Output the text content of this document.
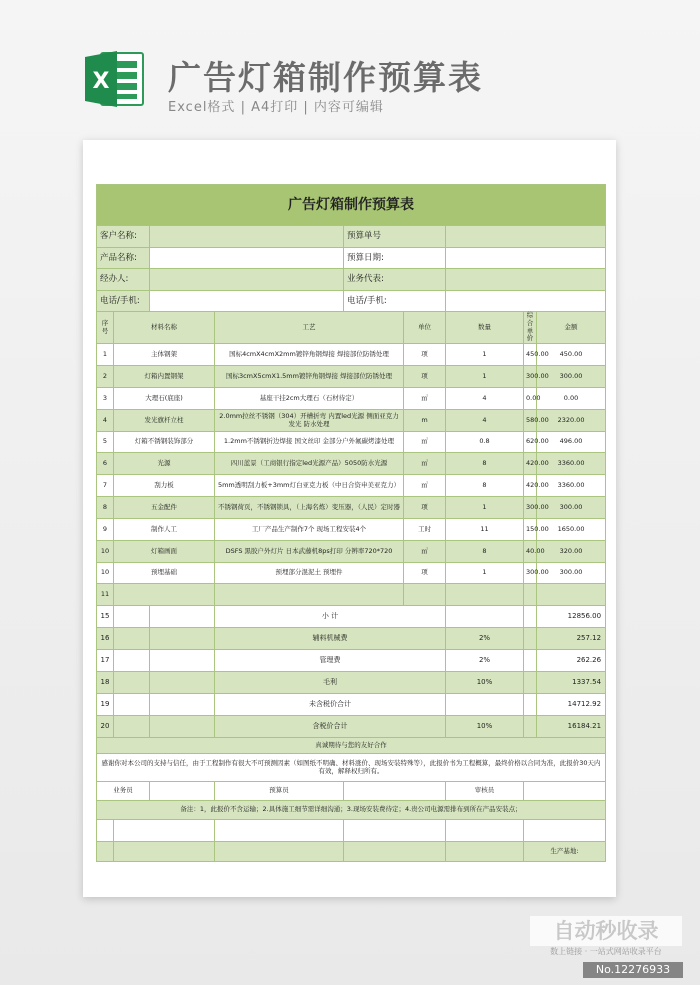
X 广告灯箱制作预算表
Excel格式 | A4打印 | 内容可编辑
广告灯箱制作预算表								
客户名称:				预算单号				
产品名称:				预算日期:				
经办人:				业务代表:				
电话/手机:				电话/手机:				
序号	材料名称		工艺		单位	数量	综合单价	金额
1	主体钢架		国标4cmX4cmX2mm镀锌角钢焊接 焊接部位防锈处理		项	1	450.00	450.00
2	灯箱内置钢架		国标3cmX5cmX1.5mm镀锌角钢焊接 焊接部位防锈处理		项	1	300.00	300.00
3	大理石(底座)		基座干挂2cm大理石（石材待定）		㎡	4	0.00	0.00
4	发光旗杆立柱		2.0mm拉丝不锈钢（304）开槽折弯 内置led光源 侧面亚克力发光 防水处理		m	4	580.00	2320.00
5	灯箱不锈钢装饰部分		1.2mm不锈钢折边焊接 国文丝印 金部分户外氟碳烤漆处理		㎡	0.8	620.00	496.00
6	光源		四川蓝景（工商银行指定led光源产品）5050防水光源		㎡	8	420.00	3360.00
7	刮力板		5mm透明刮力板+3mm灯白亚克力板（中日合资申美亚克力）		㎡	8	420.00	3360.00
8	五金配件		不锈钢荷页，不锈钢锁具，（上海名炼）变压器，（人民）定时器		项	1	300.00	300.00
9	制作人工		工厂产品生产制作7个 现场工程安装4个		工时	11	150.00	1650.00
10	灯箱画面		DSFS 黑胶户外灯片 日本武藤机8ps打印 分辨率720*720		㎡	8	40.00	320.00
10	预埋基础		预埋部分混泥土 预埋件		项	1	300.00	300.00
11								
15			小 计					12856.00
16			辅料机械费			2%		257.12
17			管理费			2%		262.26
18			毛利			10%		1337.54
19			未含税价合计					14712.92
20			含税价合计			10%		16184.21
真诚期待与您的友好合作								
感谢你对本公司的支持与信任，由于工程制作有很大不可预测因素（如图纸不明确、材料涨价、现场安装特殊等），此报价书为工程概算，最终价格以合同为准，此报价30天内有效，解释权归所有。								
业务员			预算员			审核员		
备注：1，此报价不含运输；2.具体施工细节需详细沟通；3.现场安装费待定；4.贵公司电源需排布到所在产品安装点；								

							生产基地:	
自动秒收录
数上链接 · 一站式网站收录平台
No.12276933
